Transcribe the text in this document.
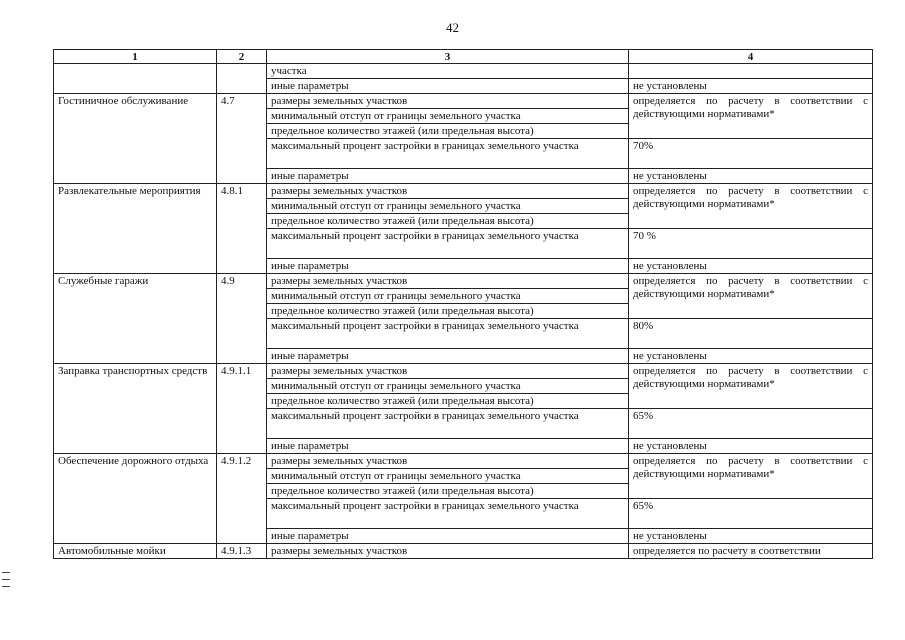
42
1	2	3	4
		участка	
		иные параметры	не установлены
Гостиничное обслуживание	4.7	размеры земельных участков	определяется по расчету в соответствии с действующими нормативами*
		минимальный отступ от границы земельного участка	
		предельное количество этажей (или предельная высота)	
		максимальный процент застройки в границах земельного участка	70%
		иные параметры	не установлены
Развлекательные мероприятия	4.8.1	размеры земельных участков	определяется по расчету в соответствии с действующими нормативами*
		минимальный отступ от границы земельного участка	
		предельное количество этажей (или предельная высота)	
		максимальный процент застройки в границах земельного участка	70 %
		иные параметры	не установлены
Служебные гаражи	4.9	размеры земельных участков	определяется по расчету в соответствии с действующими нормативами*
		минимальный отступ от границы земельного участка	
		предельное количество этажей (или предельная высота)	
		максимальный процент застройки в границах земельного участка	80%
		иные параметры	не установлены
Заправка транспортных средств	4.9.1.1	размеры земельных участков	определяется по расчету в соответствии с действующими нормативами*
		минимальный отступ от границы земельного участка	
		предельное количество этажей (или предельная высота)	
		максимальный процент застройки в границах земельного участка	65%
		иные параметры	не установлены
Обеспечение дорожного отдыха	4.9.1.2	размеры земельных участков	определяется по расчету в соответствии с действующими нормативами*
		минимальный отступ от границы земельного участка	
		предельное количество этажей (или предельная высота)	
		максимальный процент застройки в границах земельного участка	65%
		иные параметры	не установлены
Автомобильные мойки	4.9.1.3	размеры земельных участков	определяется по расчету в соответствии
